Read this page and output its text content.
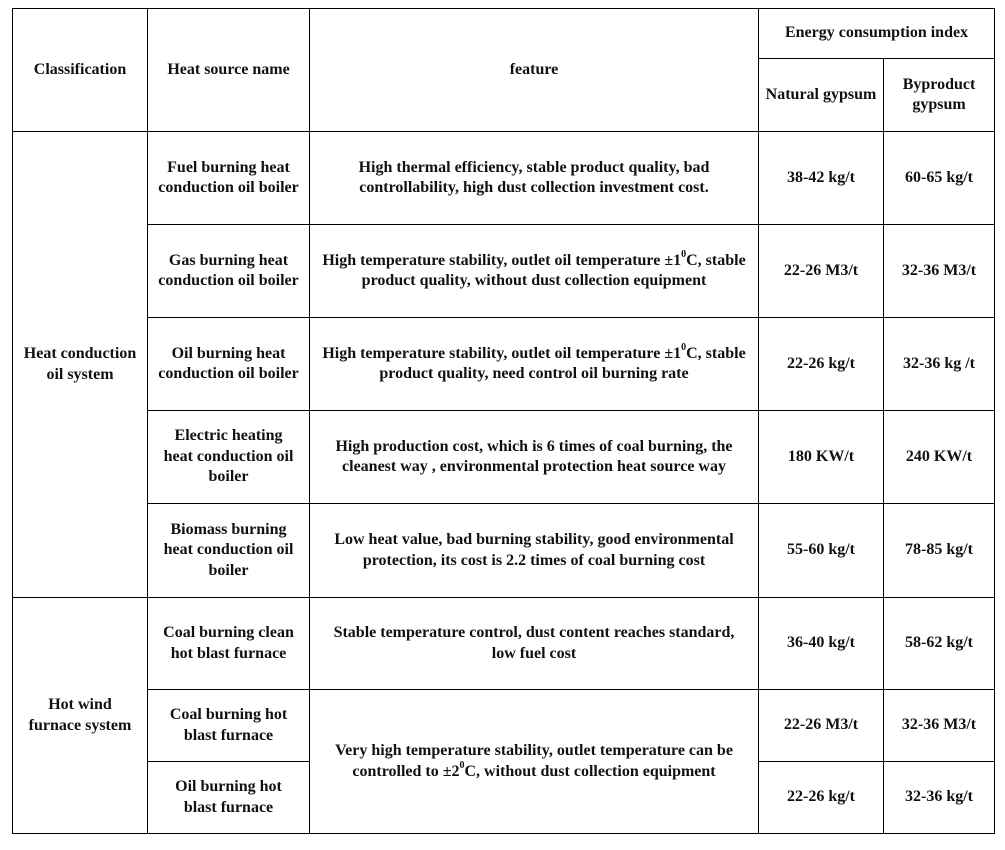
Classification	Heat source name	feature	Energy consumption index	
			Natural gypsum	Byproduct gypsum
Heat conduction oil system	Fuel burning heat conduction oil boiler	High thermal efficiency, stable product quality, bad controllability, high dust collection investment cost.	38-42 kg/t	60-65 kg/t
	Gas burning heat conduction oil boiler	High temperature stability, outlet oil temperature $\pm 1^0C$, stable product quality, without dust collection equipment	22-26 M3/t	32-36 M3/t
	Oil burning heat conduction oil boiler	High temperature stability, outlet oil temperature $\pm 1^0C$, stable product quality, need control oil burning rate	22-26 kg/t	32-36 kg /t
	Electric heating heat conduction oil boiler	High production cost, which is 6 times of coal burning, the cleanest way , environmental protection heat source way	180 KW/t	240 KW/t
	Biomass burning heat conduction oil boiler	Low heat value, bad burning stability, good environmental protection, its cost is 2.2 times of coal burning cost	55-60 kg/t	78-85 kg/t
Hot wind furnace system	Coal burning clean hot blast furnace	Stable temperature control, dust content reaches standard, low fuel cost	36-40 kg/t	58-62 kg/t
	Coal burning hot blast furnace	Very high temperature stability, outlet temperature can be controlled to $\pm 2^0C$, without dust collection equipment	22-26 M3/t	32-36 M3/t
	Oil burning hot blast furnace		22-26 kg/t	32-36 kg/t
